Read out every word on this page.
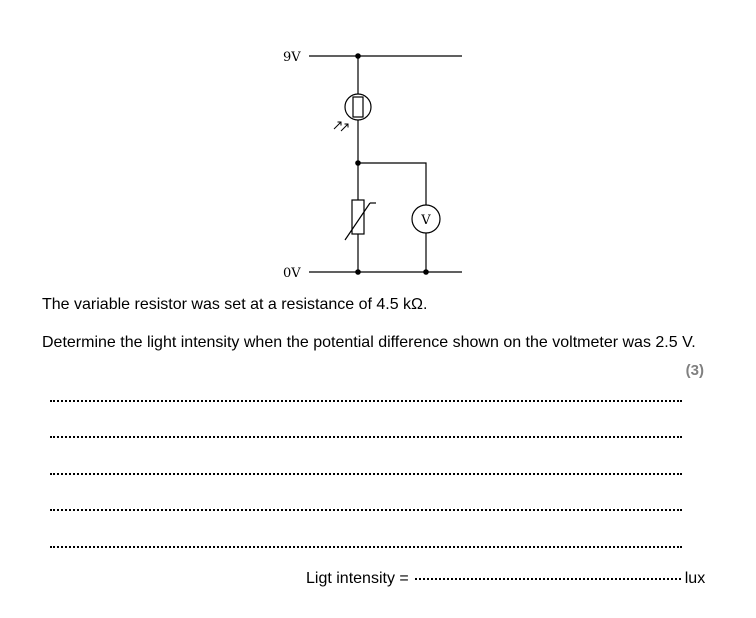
9V
0V
V
The variable resistor was set at a resistance of 4.5 kΩ.
Determine the light intensity when the potential difference shown on the voltmeter was 2.5 V.
(3)
Ligt intensity =	lux
